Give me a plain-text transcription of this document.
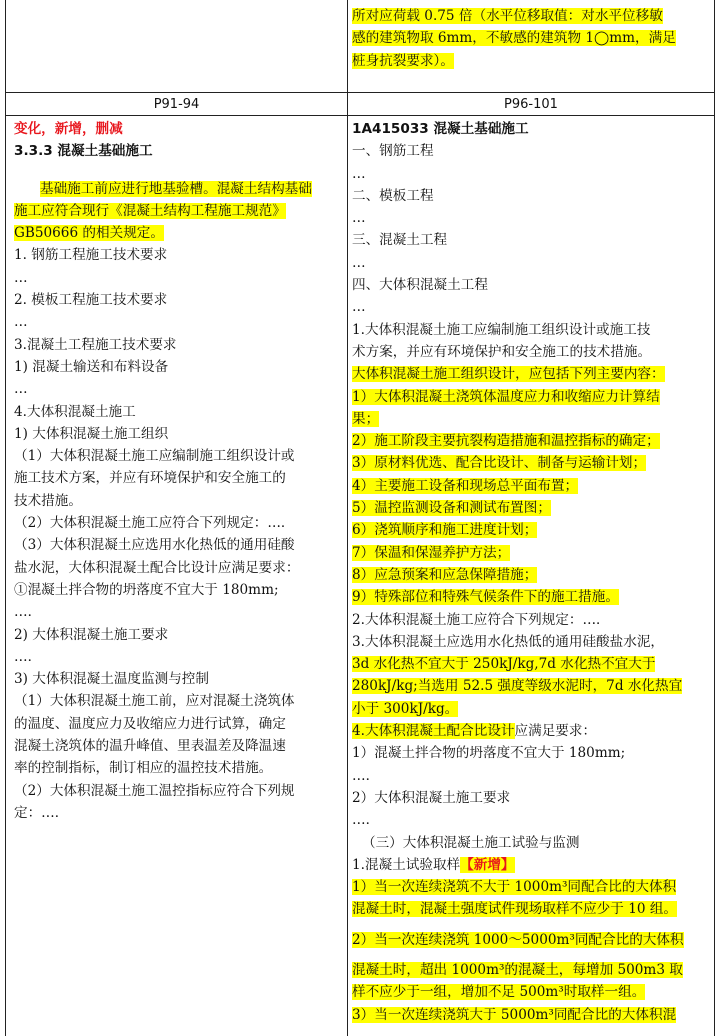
所对应荷载 0.75 倍（水平位移取值：对水平位移敏
感的建筑物取 6mm，不敏感的建筑物 1◯mm，满足
桩身抗裂要求）。
P91-94	P96-101
变化，新增，删减
3.3.3 混凝土基础施工
基础施工前应进行地基验槽。混凝土结构基础
施工应符合现行《混凝土结构工程施工规范》
GB50666 的相关规定。
1. 钢筋工程施工技术要求
…
2. 模板工程施工技术要求
…
3.混凝土工程施工技术要求
1) 混凝土输送和布料设备
…
4.大体积混凝土施工
1) 大体积混凝土施工组织
（1）大体积混凝土施工应编制施工组织设计或
施工技术方案，并应有环境保护和安全施工的
技术措施。
（2）大体积混凝土施工应符合下列规定：…．
（3）大体积混凝土应选用水化热低的通用硅酸
盐水泥，大体积混凝土配合比设计应满足要求：
①混凝土拌合物的坍落度不宜大于 180mm;
…．
2) 大体积混凝土施工要求
…．
3) 大体积混凝土温度监测与控制
（1）大体积混凝土施工前，应对混凝土浇筑体
的温度、温度应力及收缩应力进行试算，确定
混凝土浇筑体的温升峰值、里表温差及降温速
率的控制指标，制订相应的温控技术措施。
（2）大体积混凝土施工温控指标应符合下列规
定：…．
1A415033 混凝土基础施工
一、钢筋工程
…
二、模板工程
…
三、混凝土工程
…
四、大体积混凝土工程
…
1.大体积混凝土施工应编制施工组织设计或施工技
术方案，并应有环境保护和安全施工的技术措施。
大体积混凝土施工组织设计，应包括下列主要内容：
1）大体积混凝土浇筑体温度应力和收缩应力计算结
果；
2）施工阶段主要抗裂构造措施和温控指标的确定；
3）原材料优选、配合比设计、制备与运输计划；
4）主要施工设备和现场总平面布置；
5）温控监测设备和测试布置图；
6）浇筑顺序和施工进度计划；
7）保温和保湿养护方法；
8）应急预案和应急保障措施；
9）特殊部位和特殊气候条件下的施工措施。
2.大体积混凝土施工应符合下列规定：…．
3.大体积混凝土应选用水化热低的通用硅酸盐水泥，
3d 水化热不宜大于 250kJ/kg,7d 水化热不宜大于
280kJ/kg;当选用 52.5 强度等级水泥时，7d 水化热宜
小于 300kJ/kg。
4.大体积混凝土配合比设计应满足要求：
1）混凝土拌合物的坍落度不宜大于 180mm;
…．
2）大体积混凝土施工要求
…．
（三）大体积混凝土施工试验与监测
1.混凝土试验取样【新增】
1）当一次连续浇筑不大于 1000m³同配合比的大体积
混凝土时，混凝土强度试件现场取样不应少于 10 组。
2）当一次连续浇筑 1000～5000m³同配合比的大体积
混凝土时，超出 1000m³的混凝土，每增加 500m3 取
样不应少于一组，增加不足 500m³时取样一组。
3）当一次连续浇筑大于 5000m³同配合比的大体积混
